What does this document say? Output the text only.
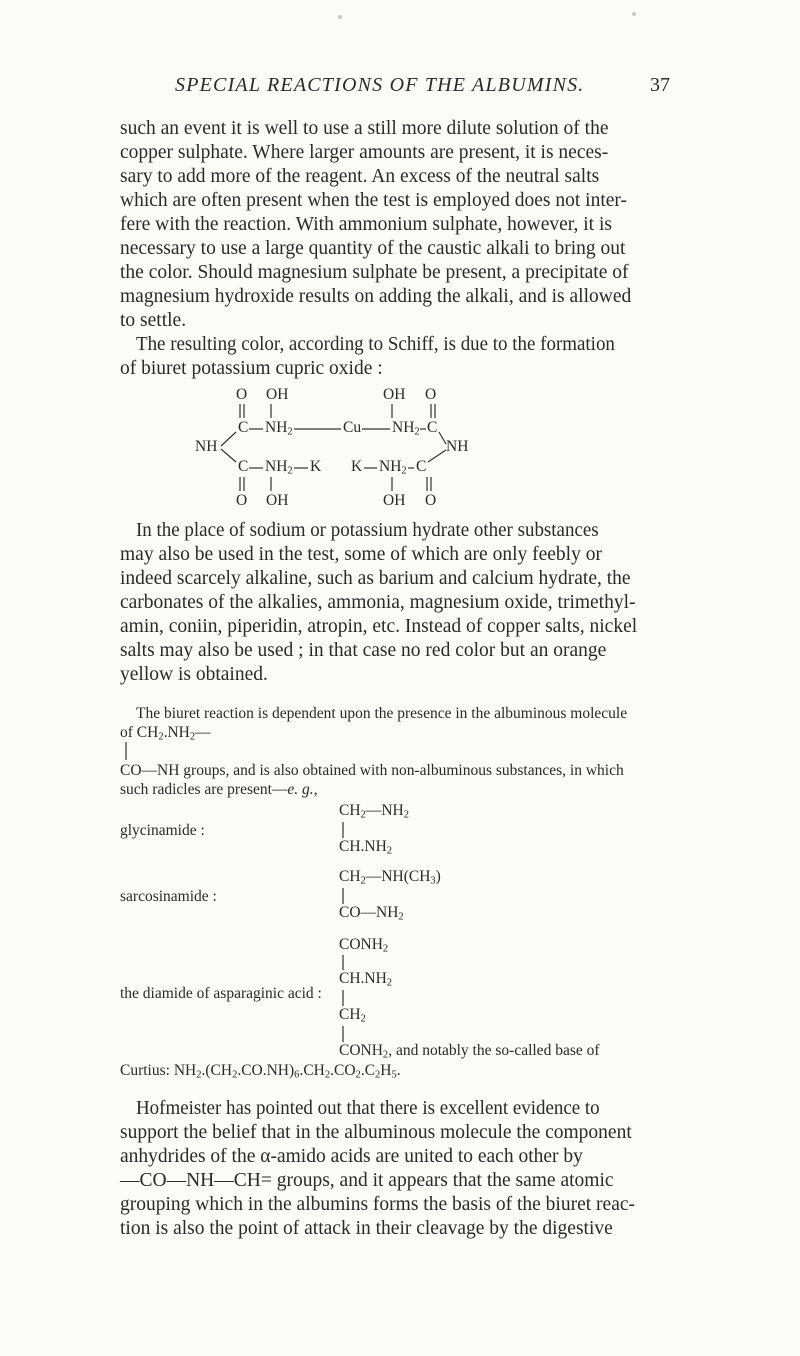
SPECIAL REACTIONS OF THE ALBUMINS.	37
such an event it is well to use a still more dilute solution of the
copper sulphate. Where larger amounts are present, it is neces-
sary to add more of the reagent. An excess of the neutral salts
which are often present when the test is employed does not inter-
fere with the reaction. With ammonium sulphate, however, it is
necessary to use a large quantity of the caustic alkali to bring out
the color. Should magnesium sulphate be present, a precipitate of
magnesium hydroxide results on adding the alkali, and is allowed
to settle.
The resulting color, according to Schiff, is due to the formation
of biuret potassium cupric oxide :
O OH	OH O
C $NH_2$	Cu $NH_2$ C
NH	NH
C $NH_2$ K K $NH_2$ C
O OH	OH O
In the place of sodium or potassium hydrate other substances
may also be used in the test, some of which are only feebly or
indeed scarcely alkaline, such as barium and calcium hydrate, the
carbonates of the alkalies, ammonia, magnesium oxide, trimethyl-
amin, coniin, piperidin, atropin, etc. Instead of copper salts, nickel
salts may also be used ; in that case no red color but an orange
yellow is obtained.
The biuret reaction is dependent upon the presence in the albuminous molecule
of $CH_2.NH_2—$
CO—NH groups, and is also obtained with non-albuminous substances, in which
such radicles are present—e. g.,
glycinamide :
$CH_2—NH_2$
$CH.NH_2$
sarcosinamide :
$CH_2—NH(CH_3)$
$CO—NH_2$
$CONH_2$
$CH.NH_2$
the diamide of asparaginic acid :
$CH_2$
$CONH_2$, and notably the so-called base of
Curtius: $NH_2.(CH_2.CO.NH)_6.CH_2.CO_2.C_2H_5$.
Hofmeister has pointed out that there is excellent evidence to
support the belief that in the albuminous molecule the component
anhydrides of the α-amido acids are united to each other by
—CO—NH—CH= groups, and it appears that the same atomic
grouping which in the albumins forms the basis of the biuret reac-
tion is also the point of attack in their cleavage by the digestive
